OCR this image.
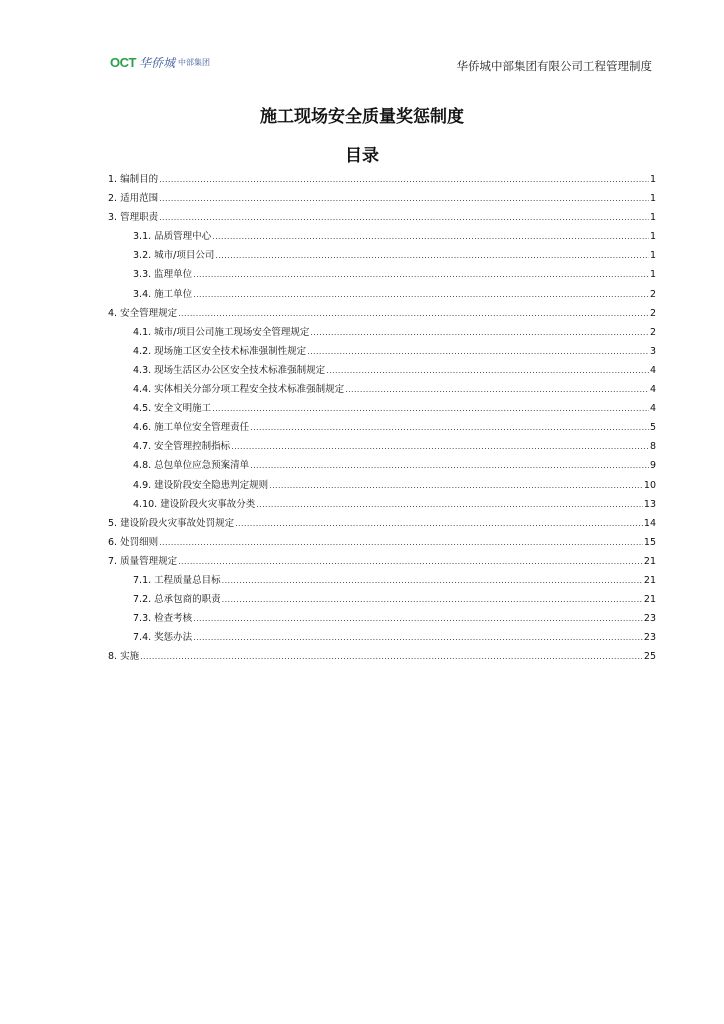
OCT 华侨城 中部集团	华侨城中部集团有限公司工程管理制度
施工现场安全质量奖惩制度
目录
1. 编制目的 .....	1
2. 适用范围 .....	1
3. 管理职责 .....	1
3.1. 品质管理中心 .....	1
3.2. 城市/项目公司 .....	1
3.3. 监理单位 .....	1
3.4. 施工单位 .....	2
4. 安全管理规定 .....	2
4.1. 城市/项目公司施工现场安全管理规定 .....	2
4.2. 现场施工区安全技术标准强制性规定 .....	3
4.3. 现场生活区办公区安全技术标准强制规定 .....	4
4.4. 实体相关分部分项工程安全技术标准强制规定 .....	4
4.5. 安全文明施工 .....	4
4.6. 施工单位安全管理责任 .....	5
4.7. 安全管理控制指标 .....	8
4.8. 总包单位应急预案清单 .....	9
4.9. 建设阶段安全隐患判定规则 .....	10
4.10. 建设阶段火灾事故分类 .....	13
5. 建设阶段火灾事故处罚规定 .....	14
6. 处罚细则 .....	15
7. 质量管理规定 .....	21
7.1. 工程质量总目标 .....	21
7.2. 总承包商的职责 .....	21
7.3. 检查考核 .....	23
7.4. 奖惩办法 .....	23
8. 实施 .....	25
